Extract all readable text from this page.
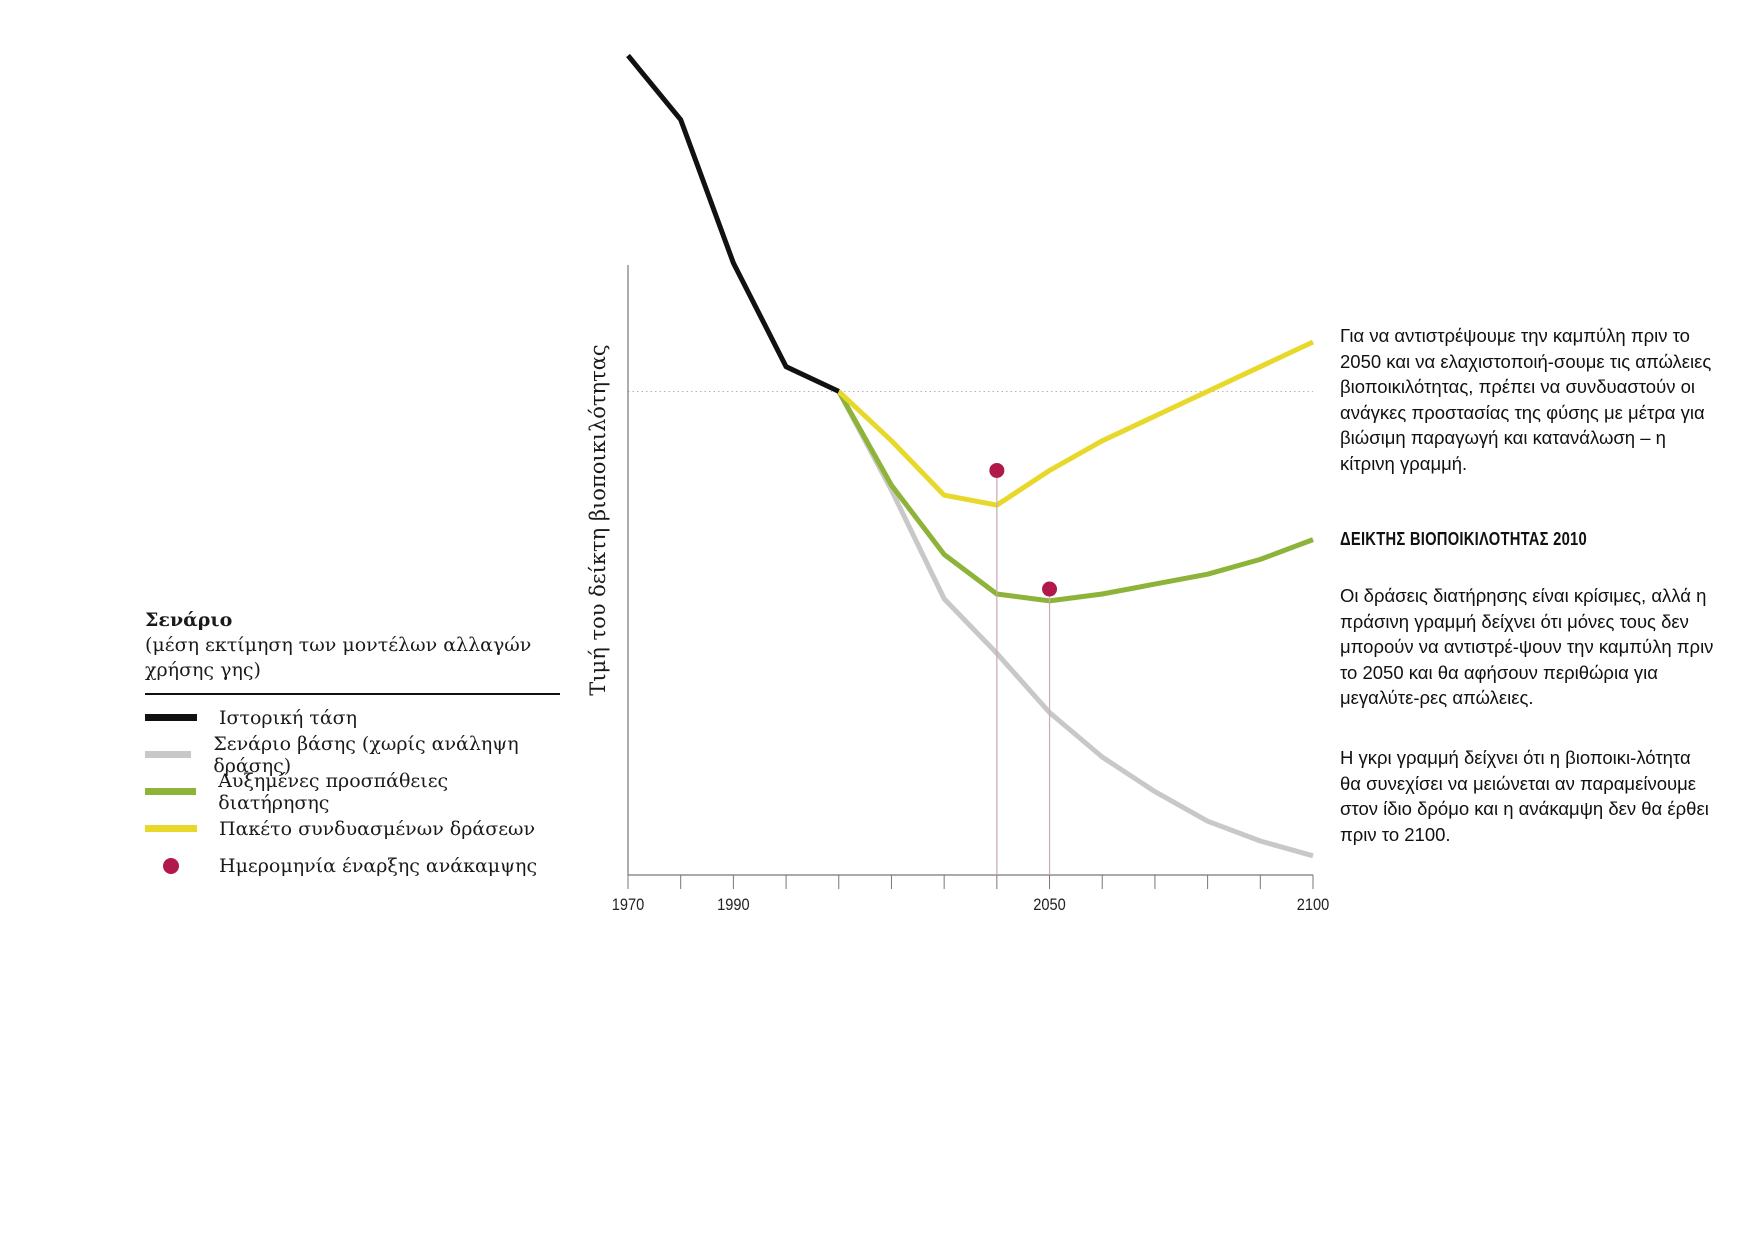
1970	1990	2050	2100
Τιμή του δείκτη βιοποικιλότητας
Σενάριο
(μέση εκτίμηση των μοντέλων αλλαγών χρήσης γης)
Ιστορική τάση
Σενάριο βάσης (χωρίς ανάληψη δράσης)
Αυξημένες προσπάθειες διατήρησης
Πακέτο συνδυασμένων δράσεων
Ημερομηνία έναρξης ανάκαμψης
Για να αντιστρέψουμε την καμπύλη πριν το 2050 και να ελαχιστοποιή-σουμε τις απώλειες βιοποικιλότητας, πρέπει να συνδυαστούν οι ανάγκες προστασίας της φύσης με μέτρα για βιώσιμη παραγωγή και κατανάλωση – η κίτρινη γραμμή.
ΔΕΙΚΤΗΣ ΒΙΟΠΟΙΚΙΛΟΤΗΤΑΣ 2010
Οι δράσεις διατήρησης είναι κρίσιμες, αλλά η πράσινη γραμμή δείχνει ότι μόνες τους δεν μπορούν να αντιστρέ-ψουν την καμπύλη πριν το 2050 και θα αφήσουν περιθώρια για μεγαλύτε-ρες απώλειες.
Η γκρι γραμμή δείχνει ότι η βιοποικι-λότητα θα συνεχίσει να μειώνεται αν παραμείνουμε στον ίδιο δρόμο και η ανάκαμψη δεν θα έρθει πριν το 2100.
